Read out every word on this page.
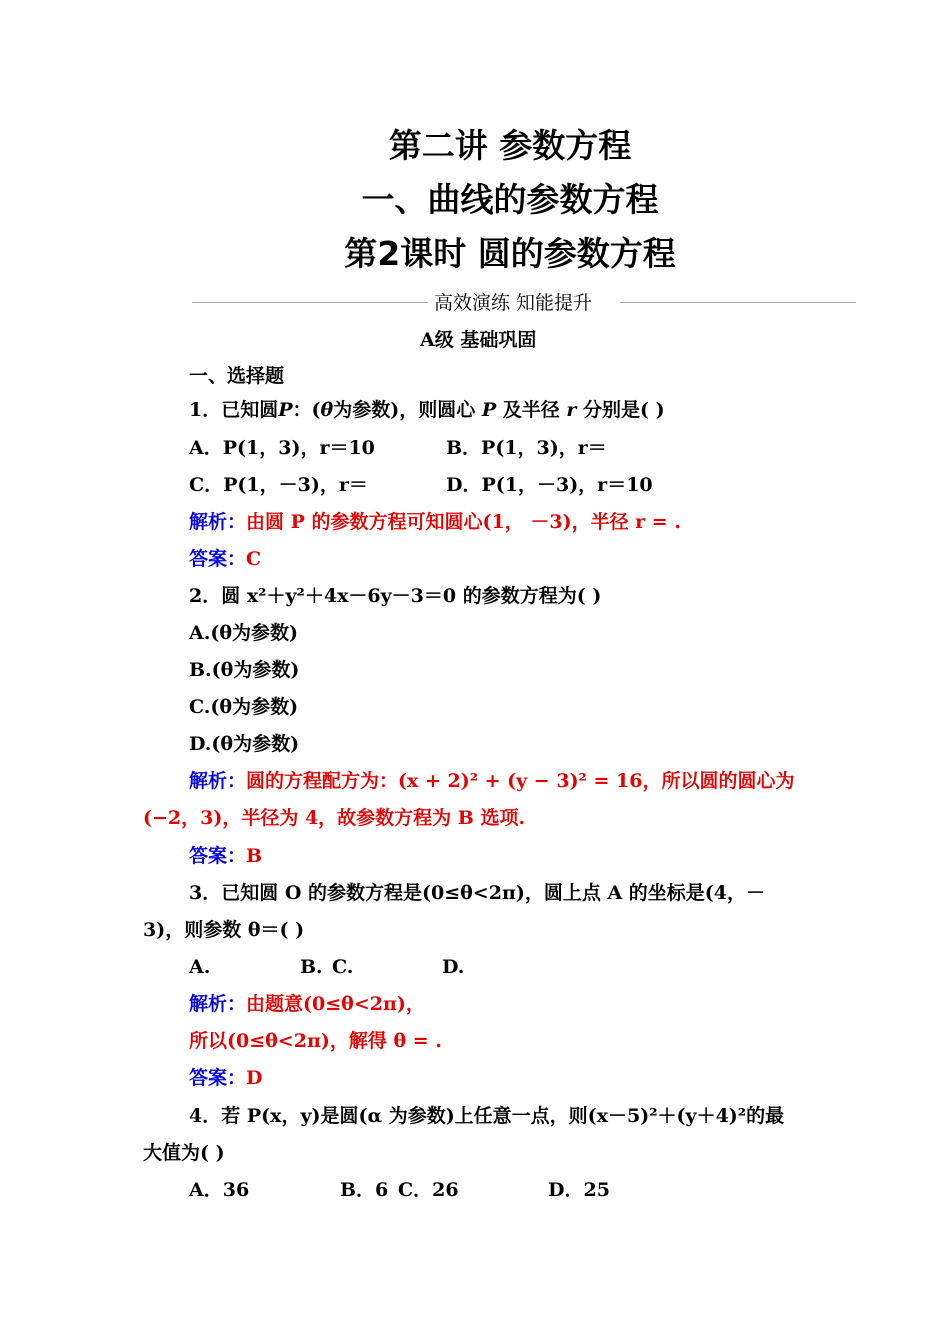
第二讲 参数方程
一、曲线的参数方程
第2课时 圆的参数方程
高效演练 知能提升
A级 基础巩固
一、选择题
1．已知圆P：(θ为参数)，则圆心 P 及半径 r 分别是( )
A．P(1，3)，r＝10	B．P(1，3)，r＝
C．P(1，－3)，r＝	D．P(1，－3)，r＝10
解析：由圆 P 的参数方程可知圆心(1， －3)，半径 r = .
答案：C
2．圆 x²＋y²＋4x－6y－3＝0 的参数方程为( )
A.(θ为参数)
B.(θ为参数)
C.(θ为参数)
D.(θ为参数)
解析：圆的方程配方为：(x + 2)² + (y − 3)² = 16，所以圆的圆心为
(−2，3)，半径为 4，故参数方程为 B 选项.
答案：B
3．已知圆 O 的参数方程是(0≤θ<2π)，圆上点 A 的坐标是(4，－
3)，则参数 θ＝( )
A.	B. C.	D.
解析：由题意(0≤θ<2π)，
所以(0≤θ<2π)，解得 θ = .
答案：D
4．若 P(x，y)是圆(α 为参数)上任意一点，则(x－5)²＋(y＋4)²的最
大值为( )
A．36	B．6 C．26	D．25
